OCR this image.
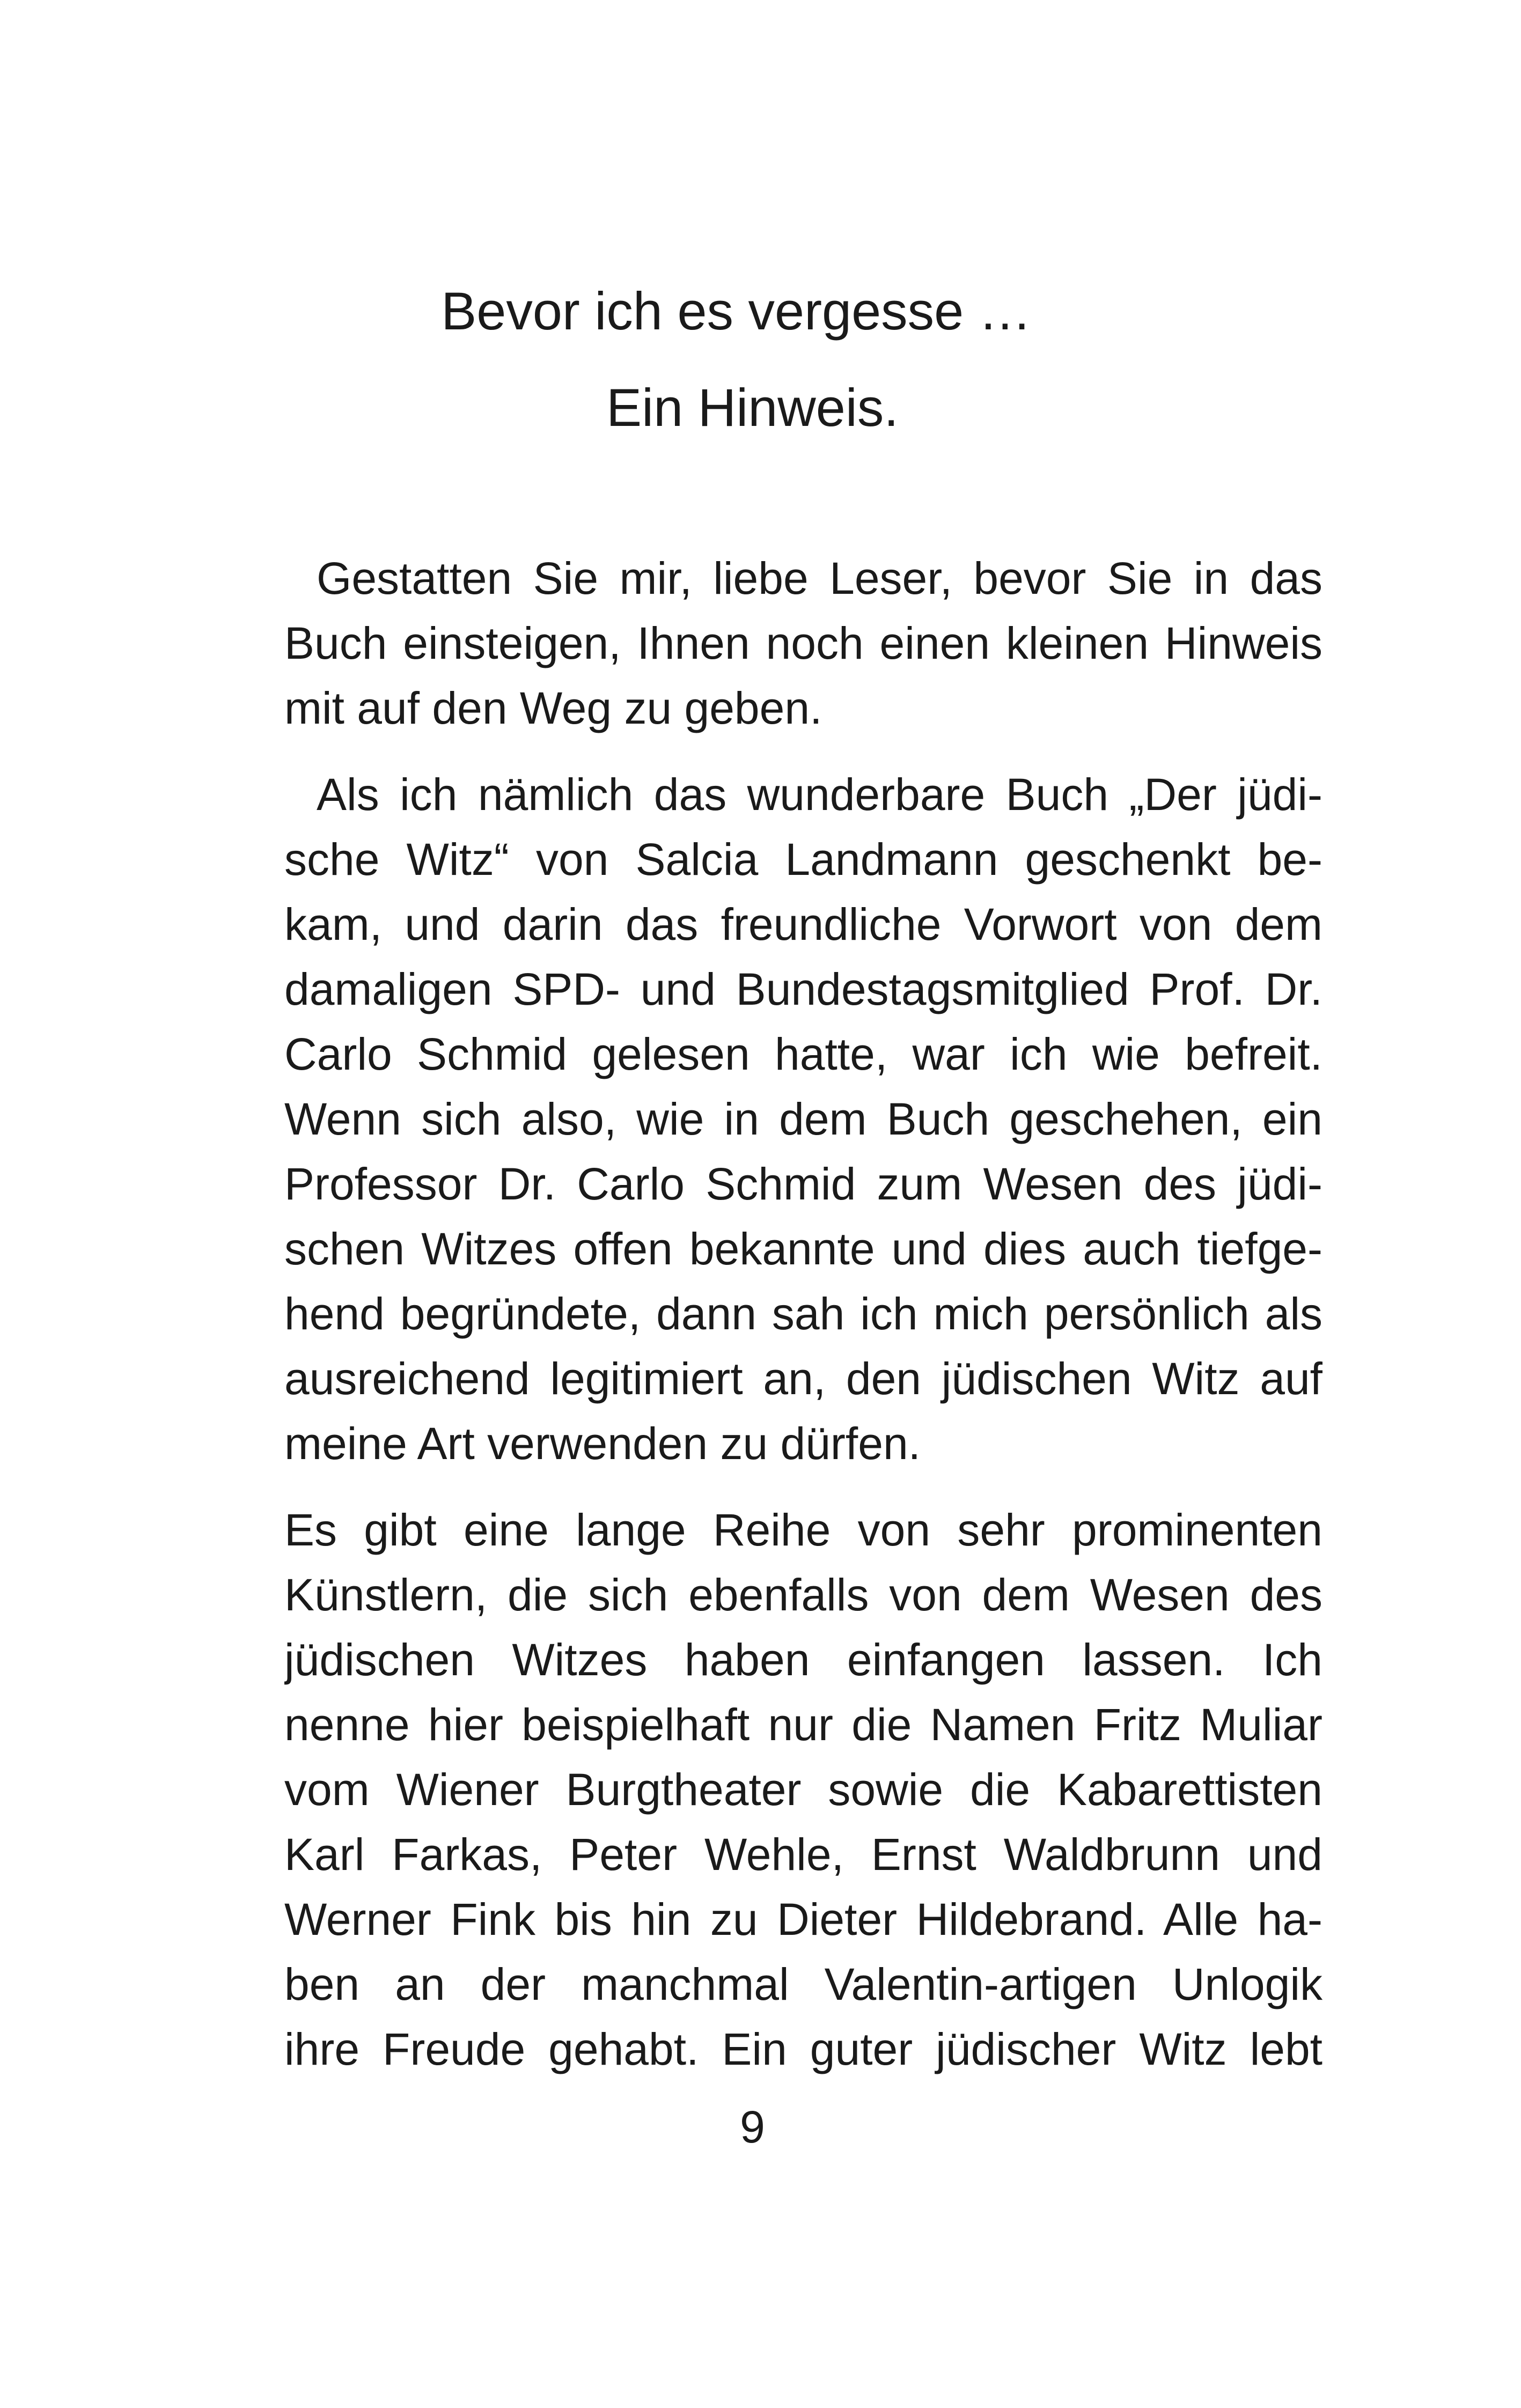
Bevor ich es vergesse …
Ein Hinweis.

Gestatten Sie mir, liebe Leser, bevor Sie in das
Buch einsteigen, Ihnen noch einen kleinen Hinweis
mit auf den Weg zu geben.

Als ich nämlich das wunderbare Buch „Der jüdi-
sche Witz“ von Salcia Landmann geschenkt be-
kam, und darin das freundliche Vorwort von dem
damaligen SPD- und Bundestagsmitglied Prof. Dr.
Carlo Schmid gelesen hatte, war ich wie befreit.
Wenn sich also, wie in dem Buch geschehen, ein
Professor Dr. Carlo Schmid zum Wesen des jüdi-
schen Witzes offen bekannte und dies auch tiefge-
hend begründete, dann sah ich mich persönlich als
ausreichend legitimiert an, den jüdischen Witz auf
meine Art verwenden zu dürfen.

Es gibt eine lange Reihe von sehr prominenten
Künstlern, die sich ebenfalls von dem Wesen des
jüdischen Witzes haben einfangen lassen. Ich
nenne hier beispielhaft nur die Namen Fritz Muliar
vom Wiener Burgtheater sowie die Kabarettisten
Karl Farkas, Peter Wehle, Ernst Waldbrunn und
Werner Fink bis hin zu Dieter Hildebrand. Alle ha-
ben an der manchmal Valentin-artigen Unlogik
ihre Freude gehabt. Ein guter jüdischer Witz lebt

9
